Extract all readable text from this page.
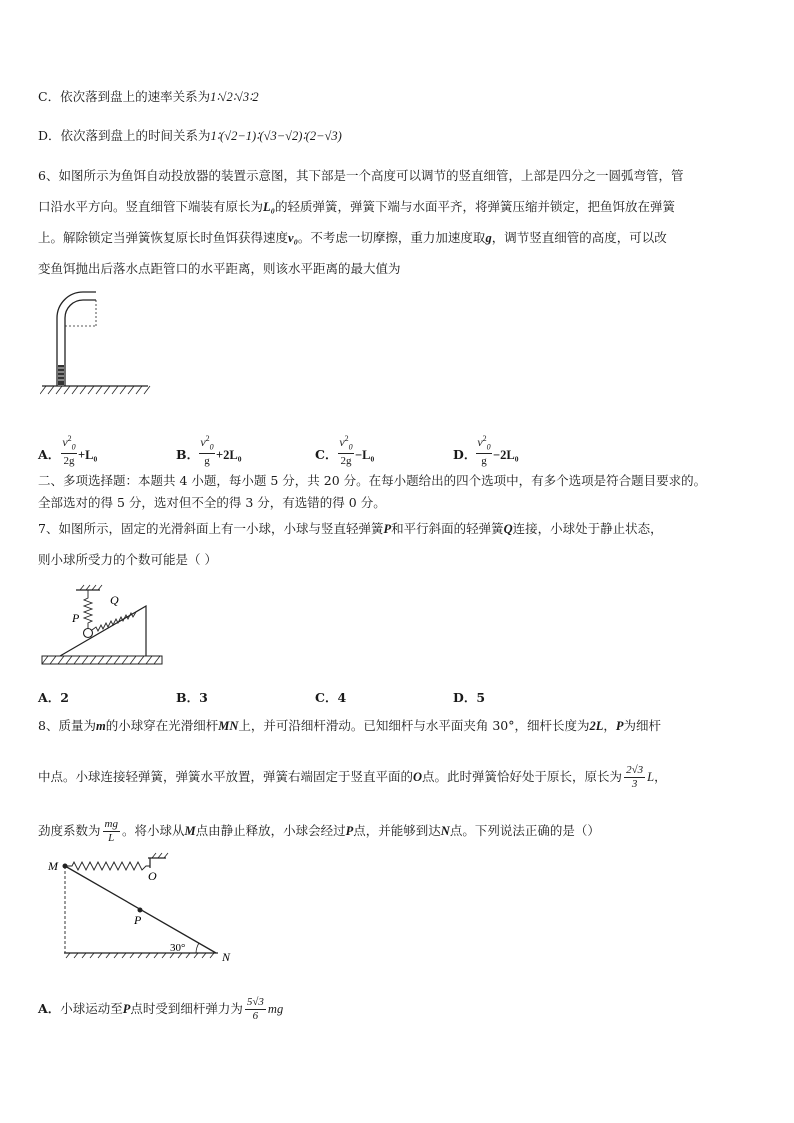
C．依次落到盘上的速率关系为1∶√2∶√3∶2
D．依次落到盘上的时间关系为1∶(√2−1)∶(√3−√2)∶(2−√3)
6、如图所示为鱼饵自动投放器的装置示意图，其下部是一个高度可以调节的竖直细管，上部是四分之一圆弧弯管，管
口沿水平方向。竖直细管下端装有原长为L₀的轻质弹簧，弹簧下端与水面平齐，将弹簧压缩并锁定，把鱼饵放在弹簧
上。解除锁定当弹簧恢复原长时鱼饵获得速度v₀。不考虑一切摩擦，重力加速度取g，调节竖直细管的高度，可以改
变鱼饵抛出后落水点距管口的水平距离，则该水平距离的最大值为
A．
$v^2_0$
2g +L₀	B．
$v^2_0$
g +2L₀	C．
$v^2_0$
2g −L₀	D．
$v^2_0$
g −2L₀
二、多项选择题：本题共 4 小题，每小题 5 分，共 20 分。在每小题给出的四个选项中，有多个选项是符合题目要求的。
全部选对的得 5 分，选对但不全的得 3 分，有选错的得 0 分。
7、如图所示，固定的光滑斜面上有一小球，小球与竖直轻弹簧P和平行斜面的轻弹簧Q连接，小球处于静止状态，
则小球所受力的个数可能是（ ）
P
Q
A．2	B．3	C．4	D．5
8、质量为m的小球穿在光滑细杆MN上，并可沿细杆滑动。已知细杆与水平面夹角 30°，细杆长度为2L，P为细杆
中点。小球连接轻弹簧，弹簧水平放置，弹簧右端固定于竖直平面的O点。此时弹簧恰好处于原长，原长为 $\frac{2√3}{3}$ L，
劲度系数为 $\frac{mg}{L}$ 。将小球从M点由静止释放，小球会经过P点，并能够到达N点。下列说法正确的是（）
M
O
P
N
30°
A．小球运动至P点时受到细杆弹力为 $\frac{5√3}{6}$ mg
